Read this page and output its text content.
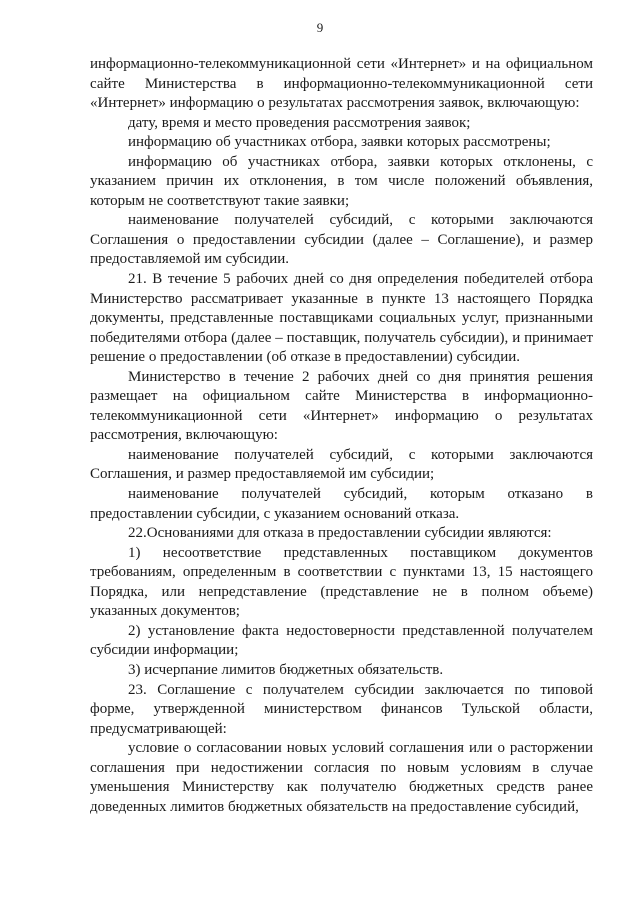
9

информационно-телекоммуникационной сети «Интернет» и на официальном сайте Министерства в информационно-телекоммуникационной сети «Интернет» информацию о результатах рассмотрения заявок, включающую:

дату, время и место проведения рассмотрения заявок;

информацию об участниках отбора, заявки которых рассмотрены;

информацию об участниках отбора, заявки которых отклонены, с указанием причин их отклонения, в том числе положений объявления, которым не соответствуют такие заявки;

наименование получателей субсидий, с которыми заключаются Соглашения о предоставлении субсидии (далее – Соглашение), и размер предоставляемой им субсидии.

21. В течение 5 рабочих дней со дня определения победителей отбора Министерство рассматривает указанные в пункте 13 настоящего Порядка документы, представленные поставщиками социальных услуг, признанными победителями отбора (далее – поставщик, получатель субсидии), и принимает решение о предоставлении (об отказе в предоставлении) субсидии.

Министерство в течение 2 рабочих дней со дня принятия решения размещает на официальном сайте Министерства в информационно-телекоммуникационной сети «Интернет» информацию о результатах рассмотрения, включающую:

наименование получателей субсидий, с которыми заключаются Соглашения, и размер предоставляемой им субсидии;

наименование получателей субсидий, которым отказано в предоставлении субсидии, с указанием оснований отказа.

22.Основаниями для отказа в предоставлении субсидии являются:

1) несоответствие представленных поставщиком документов требованиям, определенным в соответствии с пунктами 13, 15 настоящего Порядка, или непредставление (представление не в полном объеме) указанных документов;

2) установление факта недостоверности представленной получателем субсидии информации;

3) исчерпание лимитов бюджетных обязательств.

23. Соглашение с получателем субсидии заключается по типовой форме, утвержденной министерством финансов Тульской области, предусматривающей:

условие о согласовании новых условий соглашения или о расторжении соглашения при недостижении согласия по новым условиям в случае уменьшения Министерству как получателю бюджетных средств ранее доведенных лимитов бюджетных обязательств на предоставление субсидий,
